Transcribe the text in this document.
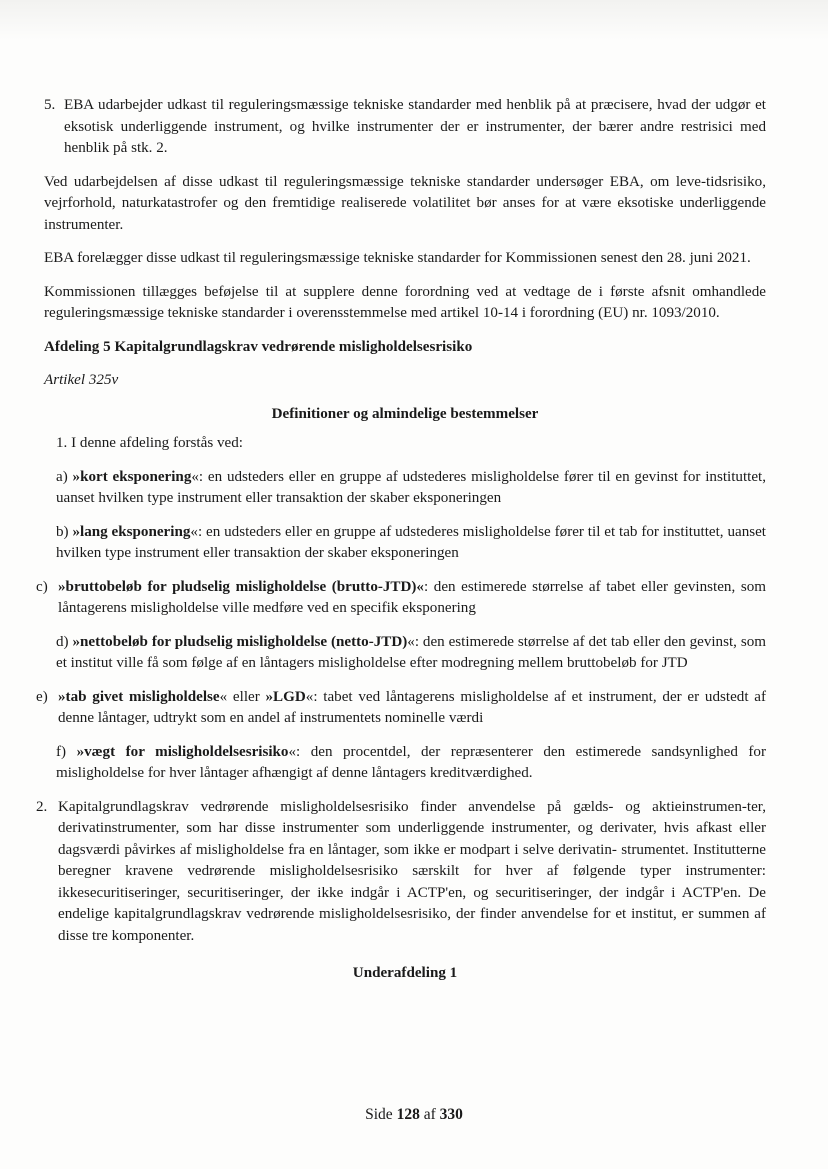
5. EBA udarbejder udkast til reguleringsmæssige tekniske standarder med henblik på at præcisere, hvad der udgør et eksotisk underliggende instrument, og hvilke instrumenter der er instrumenter, der bærer andre restrisici med henblik på stk. 2.

Ved udarbejdelsen af disse udkast til reguleringsmæssige tekniske standarder undersøger EBA, om leve-tidsrisiko, vejrforhold, naturkatastrofer og den fremtidige realiserede volatilitet bør anses for at være eksotiske underliggende instrumenter.

EBA forelægger disse udkast til reguleringsmæssige tekniske standarder for Kommissionen senest den 28. juni 2021.

Kommissionen tillægges beføjelse til at supplere denne forordning ved at vedtage de i første afsnit omhandlede reguleringsmæssige tekniske standarder i overensstemmelse med artikel 10-14 i forordning (EU) nr. 1093/2010.

Afdeling 5 Kapitalgrundlagskrav vedrørende misligholdelsesrisiko

Artikel 325v

Definitioner og almindelige bestemmelser

1. I denne afdeling forstås ved:

a) »kort eksponering«: en udsteders eller en gruppe af udstederes misligholdelse fører til en gevinst for instituttet, uanset hvilken type instrument eller transaktion der skaber eksponeringen

b) »lang eksponering«: en udsteders eller en gruppe af udstederes misligholdelse fører til et tab for instituttet, uanset hvilken type instrument eller transaktion der skaber eksponeringen

c) »bruttobeløb for pludselig misligholdelse (brutto-JTD)«: den estimerede størrelse af tabet eller gevinsten, som låntagerens misligholdelse ville medføre ved en specifik eksponering

d) »nettobeløb for pludselig misligholdelse (netto-JTD)«: den estimerede størrelse af det tab eller den gevinst, som et institut ville få som følge af en låntagers misligholdelse efter modregning mellem bruttobeløb for JTD

e) »tab givet misligholdelse« eller »LGD«: tabet ved låntagerens misligholdelse af et instrument, der er udstedt af denne låntager, udtrykt som en andel af instrumentets nominelle værdi

f) »vægt for misligholdelsesrisiko«: den procentdel, der repræsenterer den estimerede sandsynlighed for misligholdelse for hver låntager afhængigt af denne låntagers kreditværdighed.

2. Kapitalgrundlagskrav vedrørende misligholdelsesrisiko finder anvendelse på gælds- og aktieinstrumen-ter, derivatinstrumenter, som har disse instrumenter som underliggende instrumenter, og derivater, hvis afkast eller dagsværdi påvirkes af misligholdelse fra en låntager, som ikke er modpart i selve derivatin- strumentet. Institutterne beregner kravene vedrørende misligholdelsesrisiko særskilt for hver af følgende typer instrumenter: ikkesecuritiseringer, securitiseringer, der ikke indgår i ACTP'en, og securitiseringer, der indgår i ACTP'en. De endelige kapitalgrundlagskrav vedrørende misligholdelsesrisiko, der finder anvendelse for et institut, er summen af disse tre komponenter.

Underafdeling 1

Side 128 af 330
